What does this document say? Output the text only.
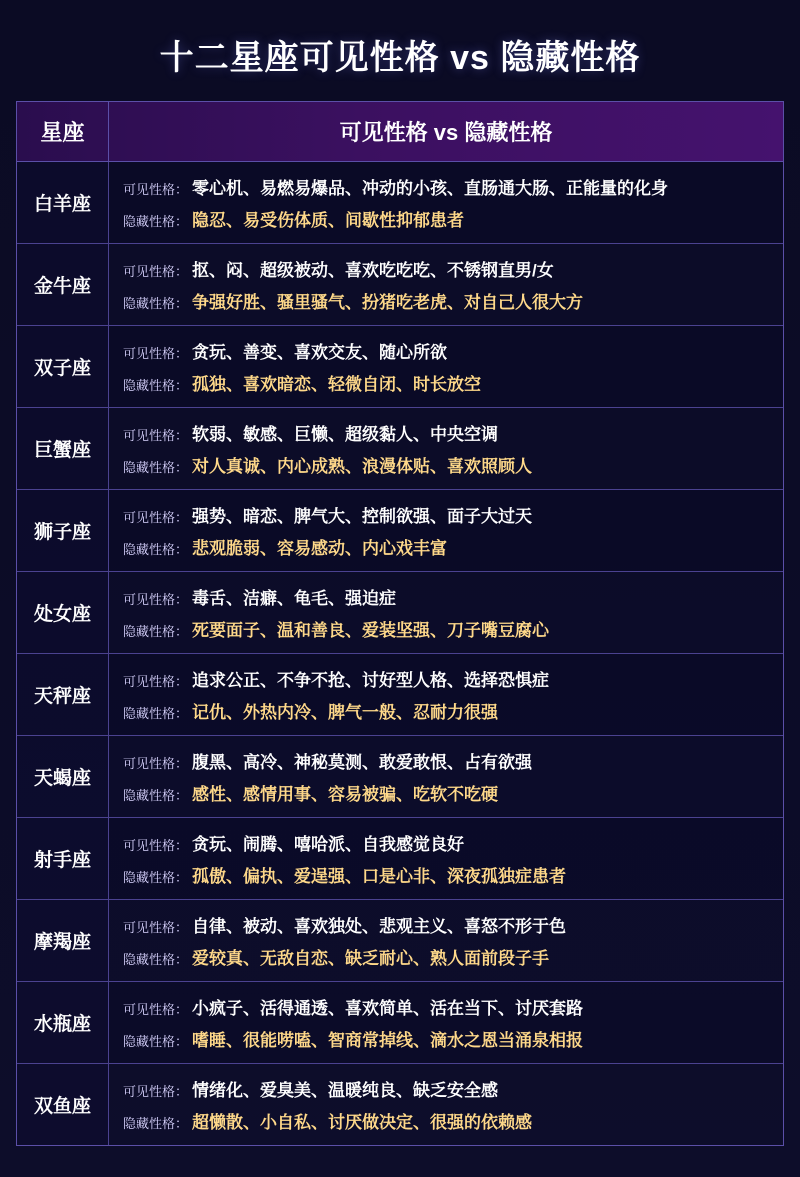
十二星座可见性格 vs 隐藏性格
星座	可见性格 vs 隐藏性格
白羊座
可见性格： 零心机、易燃易爆品、冲动的小孩、直肠通大肠、正能量的化身
隐藏性格： 隐忍、易受伤体质、间歇性抑郁患者
金牛座
可见性格： 抠、闷、超级被动、喜欢吃吃吃、不锈钢直男/女
隐藏性格： 争强好胜、骚里骚气、扮猪吃老虎、对自己人很大方
双子座
可见性格： 贪玩、善变、喜欢交友、随心所欲
隐藏性格： 孤独、喜欢暗恋、轻微自闭、时长放空
巨蟹座
可见性格： 软弱、敏感、巨懒、超级黏人、中央空调
隐藏性格： 对人真诚、内心成熟、浪漫体贴、喜欢照顾人
狮子座
可见性格： 强势、暗恋、脾气大、控制欲强、面子大过天
隐藏性格： 悲观脆弱、容易感动、内心戏丰富
处女座
可见性格： 毒舌、洁癖、龟毛、强迫症
隐藏性格： 死要面子、温和善良、爱装坚强、刀子嘴豆腐心
天秤座
可见性格： 追求公正、不争不抢、讨好型人格、选择恐惧症
隐藏性格： 记仇、外热内冷、脾气一般、忍耐力很强
天蝎座
可见性格： 腹黑、高冷、神秘莫测、敢爱敢恨、占有欲强
隐藏性格： 感性、感情用事、容易被骗、吃软不吃硬
射手座
可见性格： 贪玩、闹腾、嘻哈派、自我感觉良好
隐藏性格： 孤傲、偏执、爱逞强、口是心非、深夜孤独症患者
摩羯座
可见性格： 自律、被动、喜欢独处、悲观主义、喜怒不形于色
隐藏性格： 爱较真、无敌自恋、缺乏耐心、熟人面前段子手
水瓶座
可见性格： 小疯子、活得通透、喜欢简单、活在当下、讨厌套路
隐藏性格： 嗜睡、很能唠嗑、智商常掉线、滴水之恩当涌泉相报
双鱼座
可见性格： 情绪化、爱臭美、温暖纯良、缺乏安全感
隐藏性格： 超懒散、小自私、讨厌做决定、很强的依赖感
